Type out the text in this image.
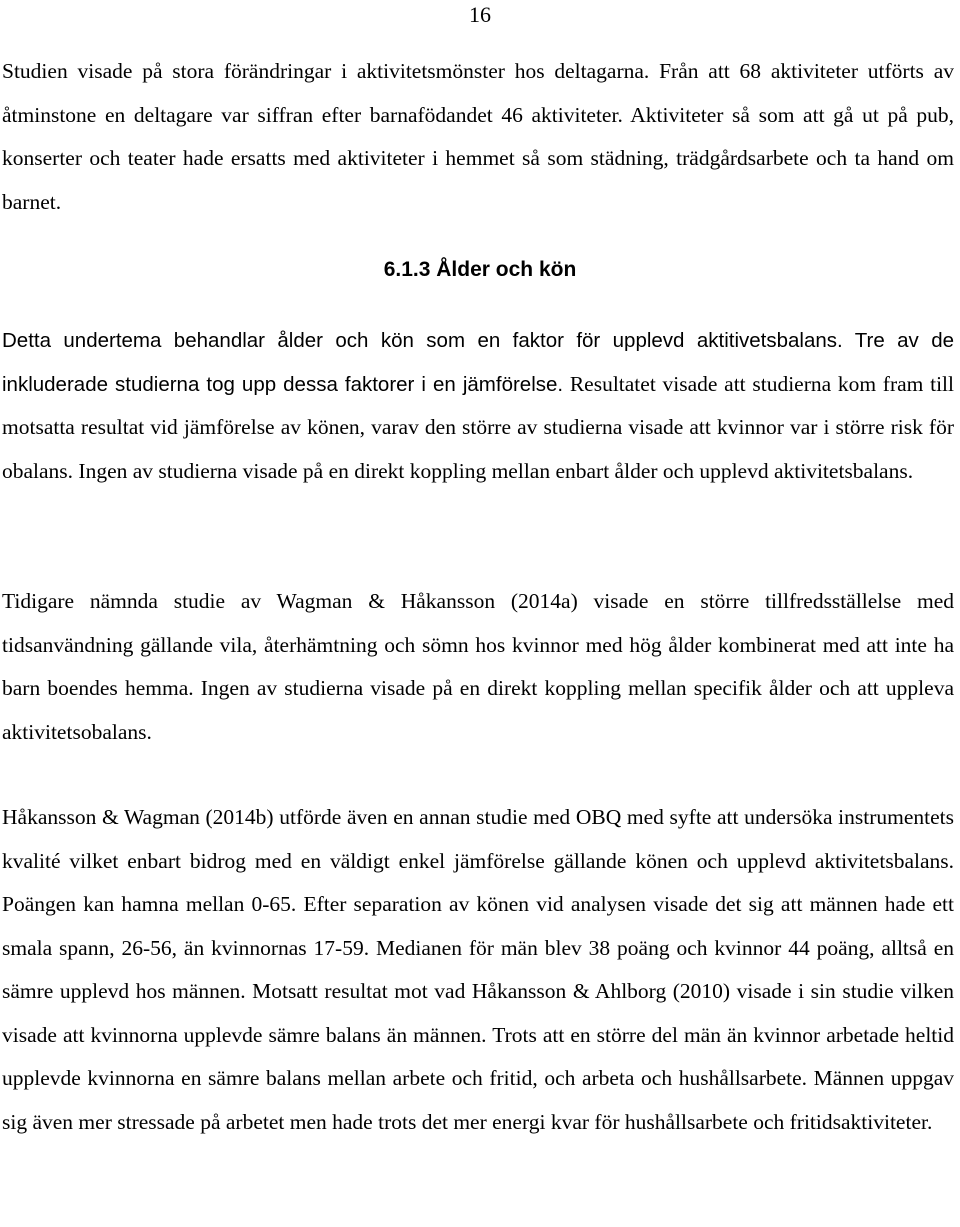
16

Studien visade på stora förändringar i aktivitetsmönster hos deltagarna. Från att 68 aktiviteter utförts av åtminstone en deltagare var siffran efter barnafödandet 46 aktiviteter. Aktiviteter så som att gå ut på pub, konserter och teater hade ersatts med aktiviteter i hemmet så som städning, trädgårdsarbete och ta hand om barnet.

6.1.3 Ålder och kön

Detta undertema behandlar ålder och kön som en faktor för upplevd aktitivetsbalans. Tre av de inkluderade studierna tog upp dessa faktorer i en jämförelse. Resultatet visade att studierna kom fram till motsatta resultat vid jämförelse av könen, varav den större av studierna visade att kvinnor var i större risk för obalans. Ingen av studierna visade på en direkt koppling mellan enbart ålder och upplevd aktivitetsbalans.

Tidigare nämnda studie av Wagman & Håkansson (2014a) visade en större tillfredsställelse med tidsanvändning gällande vila, återhämtning och sömn hos kvinnor med hög ålder kombinerat med att inte ha barn boendes hemma. Ingen av studierna visade på en direkt koppling mellan specifik ålder och att uppleva aktivitetsobalans.

Håkansson & Wagman (2014b) utförde även en annan studie med OBQ med syfte att undersöka instrumentets kvalité vilket enbart bidrog med en väldigt enkel jämförelse gällande könen och upplevd aktivitetsbalans. Poängen kan hamna mellan 0-65. Efter separation av könen vid analysen visade det sig att männen hade ett smala spann, 26-56, än kvinnornas 17-59. Medianen för män blev 38 poäng och kvinnor 44 poäng, alltså en sämre upplevd hos männen. Motsatt resultat mot vad Håkansson & Ahlborg (2010) visade i sin studie vilken visade att kvinnorna upplevde sämre balans än männen. Trots att en större del män än kvinnor arbetade heltid upplevde kvinnorna en sämre balans mellan arbete och fritid, och arbeta och hushållsarbete. Männen uppgav sig även mer stressade på arbetet men hade trots det mer energi kvar för hushållsarbete och fritidsaktiviteter.
